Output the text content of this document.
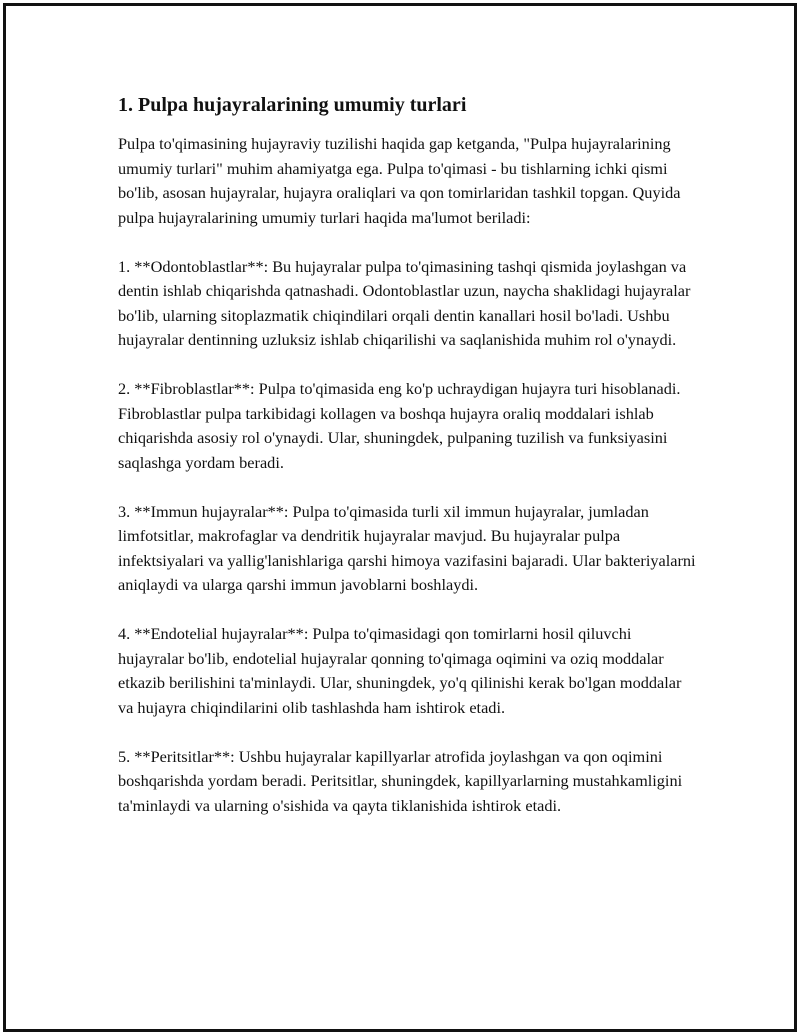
1. Pulpa hujayralarining umumiy turlari

Pulpa to'qimasining hujayraviy tuzilishi haqida gap ketganda, "Pulpa hujayralarining umumiy turlari" muhim ahamiyatga ega. Pulpa to'qimasi - bu tishlarning ichki qismi bo'lib, asosan hujayralar, hujayra oraliqlari va qon tomirlaridan tashkil topgan. Quyida pulpa hujayralarining umumiy turlari haqida ma'lumot beriladi:

1. **Odontoblastlar**: Bu hujayralar pulpa to'qimasining tashqi qismida joylashgan va dentin ishlab chiqarishda qatnashadi. Odontoblastlar uzun, naycha shaklidagi hujayralar bo'lib, ularning sitoplazmatik chiqindilari orqali dentin kanallari hosil bo'ladi. Ushbu hujayralar dentinning uzluksiz ishlab chiqarilishi va saqlanishida muhim rol o'ynaydi.

2. **Fibroblastlar**: Pulpa to'qimasida eng ko'p uchraydigan hujayra turi hisoblanadi. Fibroblastlar pulpa tarkibidagi kollagen va boshqa hujayra oraliq moddalari ishlab chiqarishda asosiy rol o'ynaydi. Ular, shuningdek, pulpaning tuzilish va funksiyasini saqlashga yordam beradi.

3. **Immun hujayralar**: Pulpa to'qimasida turli xil immun hujayralar, jumladan limfotsitlar, makrofaglar va dendritik hujayralar mavjud. Bu hujayralar pulpa infektsiyalari va yallig'lanishlariga qarshi himoya vazifasini bajaradi. Ular bakteriyalarni aniqlaydi va ularga qarshi immun javoblarni boshlaydi.

4. **Endotelial hujayralar**: Pulpa to'qimasidagi qon tomirlarni hosil qiluvchi hujayralar bo'lib, endotelial hujayralar qonning to'qimaga oqimini va oziq moddalar etkazib berilishini ta'minlaydi. Ular, shuningdek, yo'q qilinishi kerak bo'lgan moddalar va hujayra chiqindilarini olib tashlashda ham ishtirok etadi.

5. **Peritsitlar**: Ushbu hujayralar kapillyarlar atrofida joylashgan va qon oqimini boshqarishda yordam beradi. Peritsitlar, shuningdek, kapillyarlarning mustahkamligini ta'minlaydi va ularning o'sishida va qayta tiklanishida ishtirok etadi.
